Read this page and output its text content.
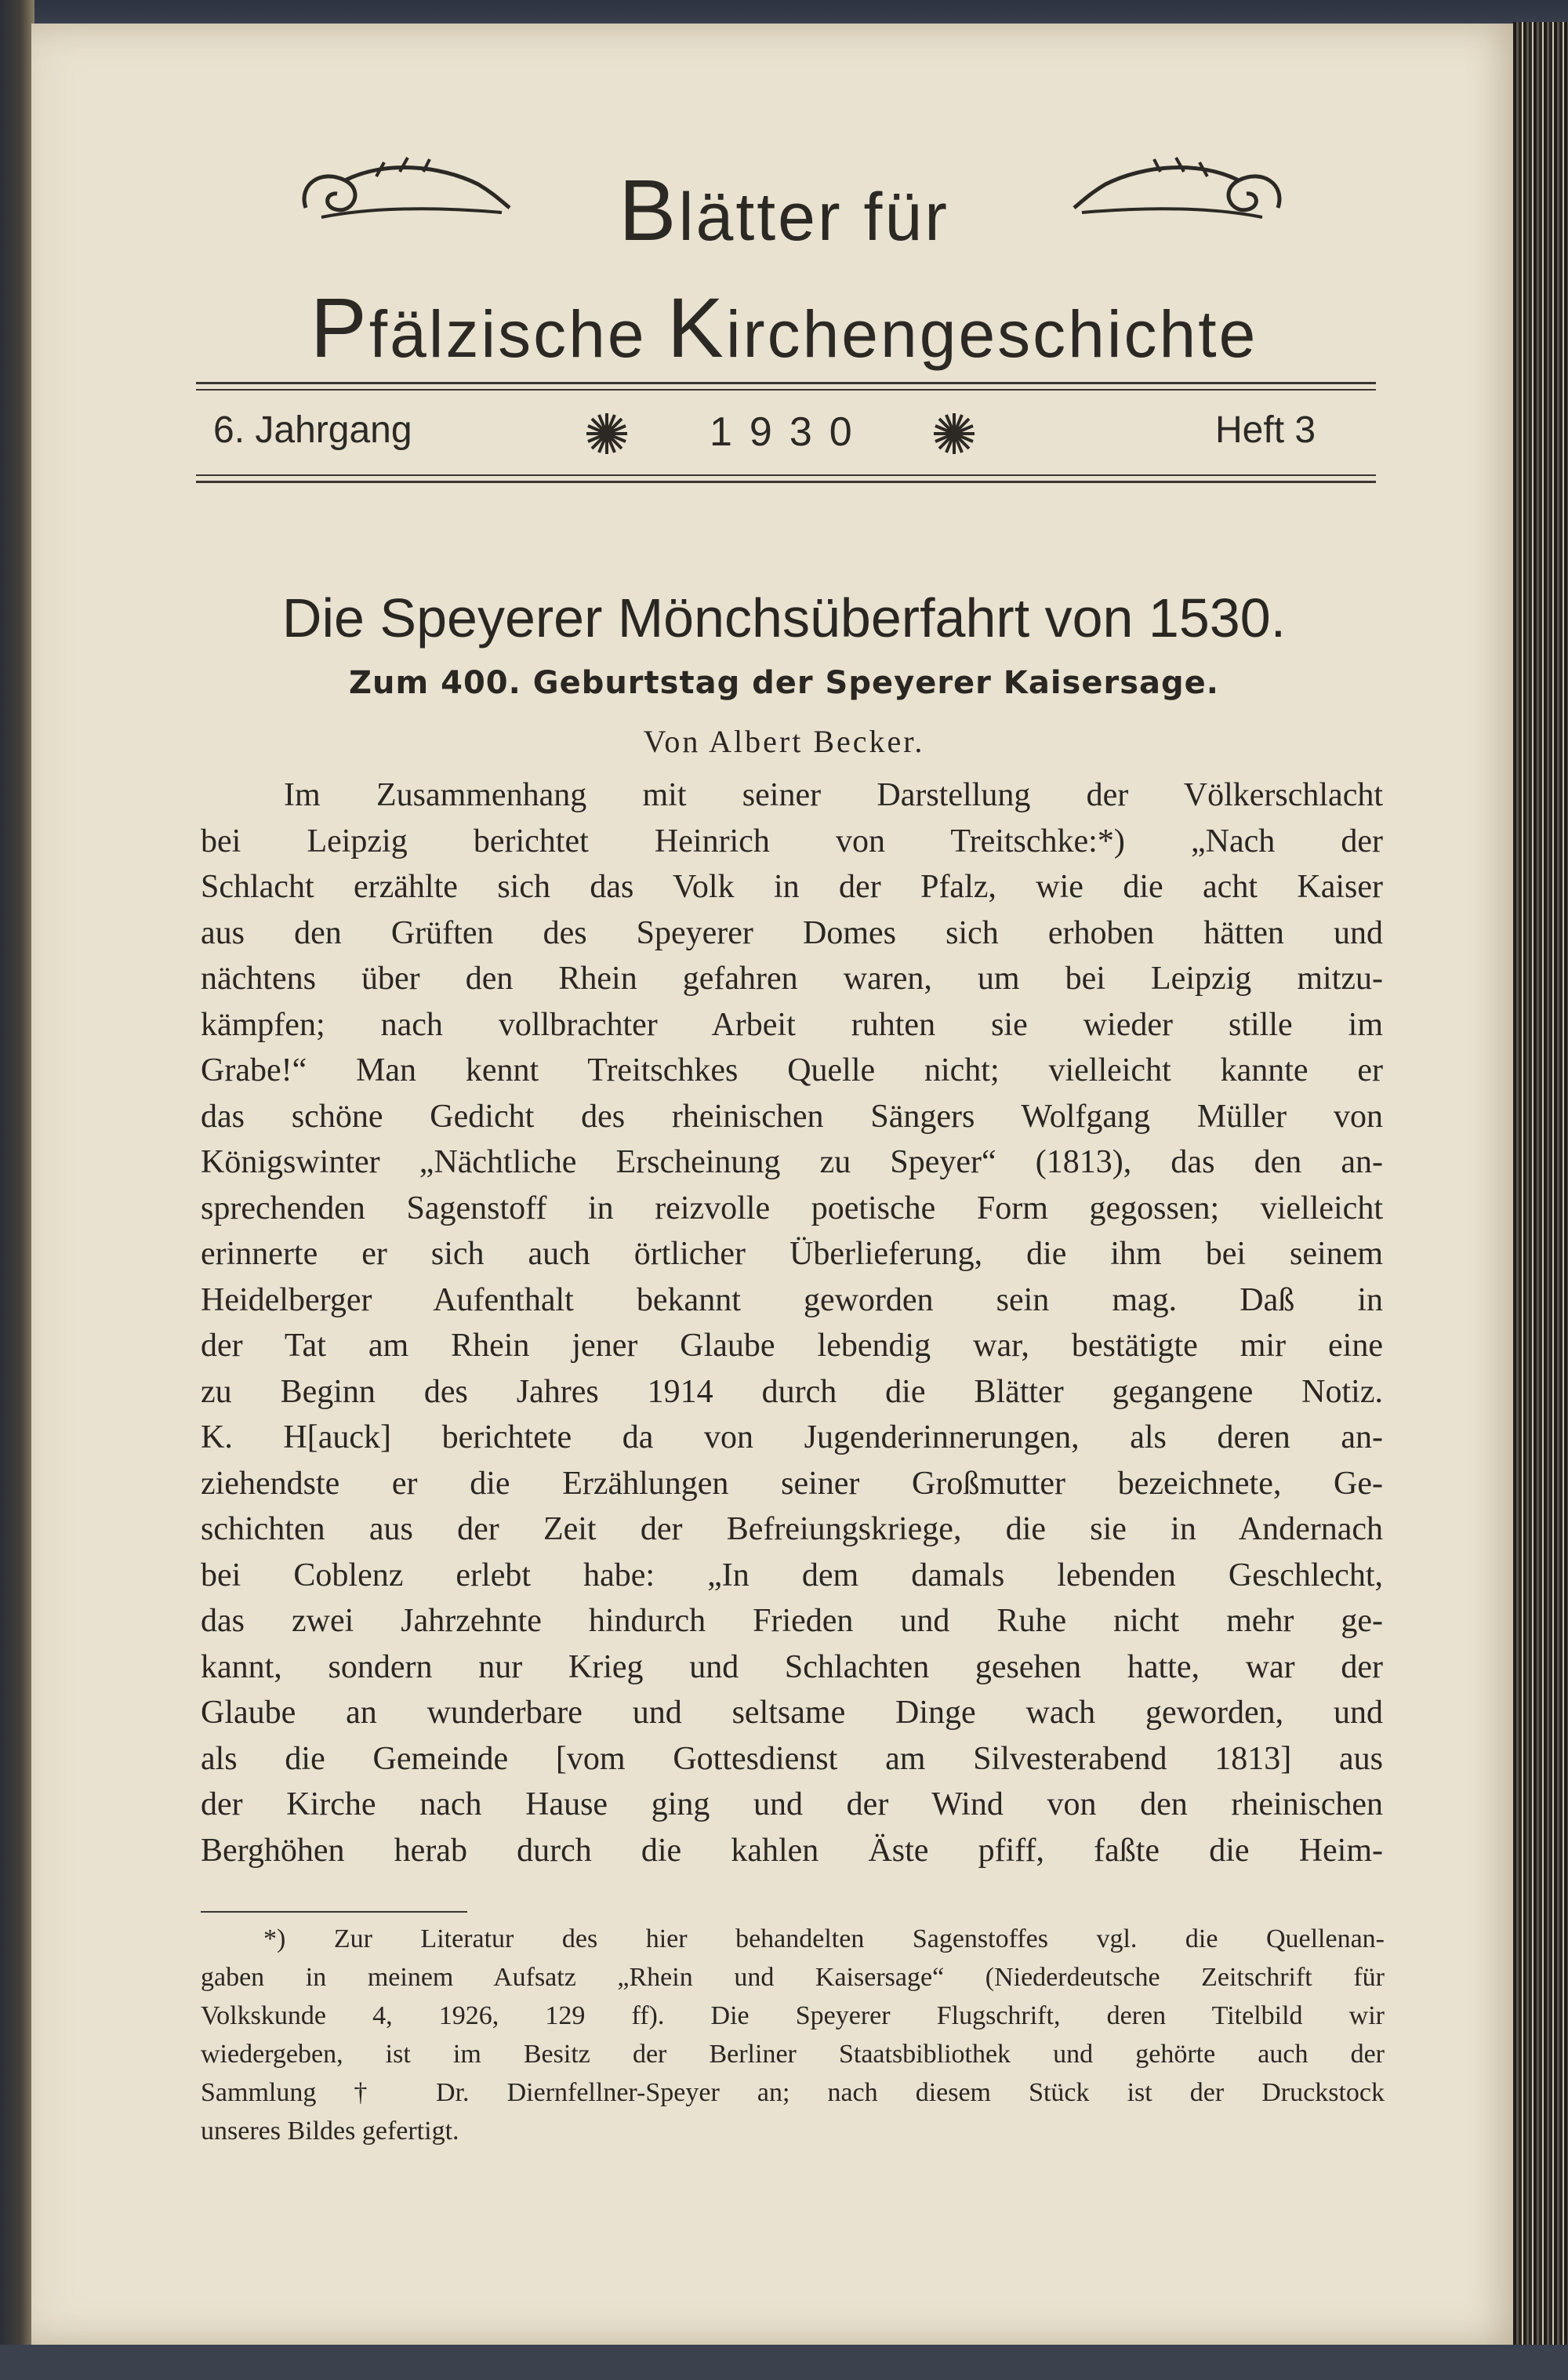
Blätter für
Pfälzische Kirchengeschichte
6. Jahrgang	1930	Heft 3
Die Speyerer Mönchsüberfahrt von 1530.
Zum 400. Geburtstag der Speyerer Kaisersage.
Von Albert Becker.
Im Zusammenhang mit seiner Darstellung der Völkerschlacht
bei Leipzig berichtet Heinrich von Treitschke:*) „Nach der
Schlacht erzählte sich das Volk in der Pfalz, wie die acht Kaiser
aus den Grüften des Speyerer Domes sich erhoben hätten und
nächtens über den Rhein gefahren waren, um bei Leipzig mitzu-
kämpfen; nach vollbrachter Arbeit ruhten sie wieder stille im
Grabe!“ Man kennt Treitschkes Quelle nicht; vielleicht kannte er
das schöne Gedicht des rheinischen Sängers Wolfgang Müller von
Königswinter „Nächtliche Erscheinung zu Speyer“ (1813), das den an-
sprechenden Sagenstoff in reizvolle poetische Form gegossen; vielleicht
erinnerte er sich auch örtlicher Überlieferung, die ihm bei seinem
Heidelberger Aufenthalt bekannt geworden sein mag. Daß in
der Tat am Rhein jener Glaube lebendig war, bestätigte mir eine
zu Beginn des Jahres 1914 durch die Blätter gegangene Notiz.
K. H[auck] berichtete da von Jugenderinnerungen, als deren an-
ziehendste er die Erzählungen seiner Großmutter bezeichnete, Ge-
schichten aus der Zeit der Befreiungskriege, die sie in Andernach
bei Coblenz erlebt habe: „In dem damals lebenden Geschlecht,
das zwei Jahrzehnte hindurch Frieden und Ruhe nicht mehr ge-
kannt, sondern nur Krieg und Schlachten gesehen hatte, war der
Glaube an wunderbare und seltsame Dinge wach geworden, und
als die Gemeinde [vom Gottesdienst am Silvesterabend 1813] aus
der Kirche nach Hause ging und der Wind von den rheinischen
Berghöhen herab durch die kahlen Äste pfiff, faßte die Heim-
*) Zur Literatur des hier behandelten Sagenstoffes vgl. die Quellenan-
gaben in meinem Aufsatz „Rhein und Kaisersage“ (Niederdeutsche Zeitschrift für
Volkskunde 4, 1926, 129 ff). Die Speyerer Flugschrift, deren Titelbild wir
wiedergeben, ist im Besitz der Berliner Staatsbibliothek und gehörte auch der
Sammlung † Dr. Diernfellner-Speyer an; nach diesem Stück ist der Druckstock
unseres Bildes gefertigt.
